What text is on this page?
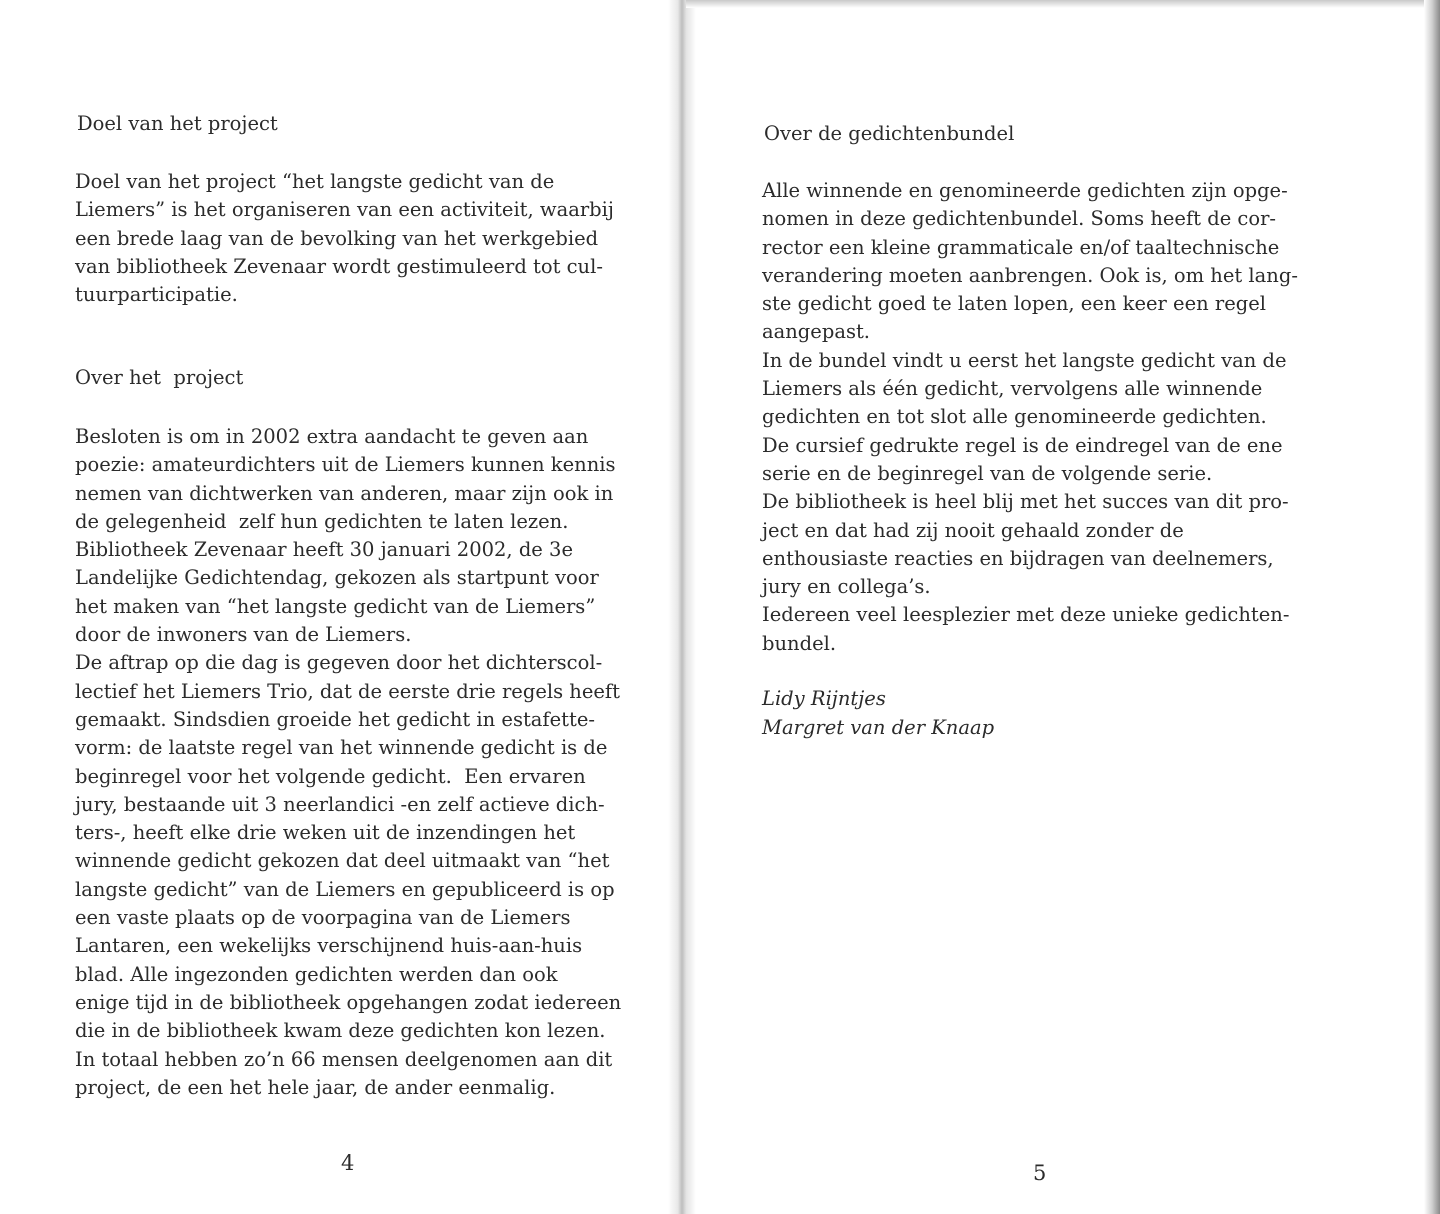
Doel van het project
Doel van het project “het langste gedicht van de
Liemers” is het organiseren van een activiteit, waarbij
een brede laag van de bevolking van het werkgebied
van bibliotheek Zevenaar wordt gestimuleerd tot cul-
tuurparticipatie.
Over het  project
Besloten is om in 2002 extra aandacht te geven aan
poezie: amateurdichters uit de Liemers kunnen kennis
nemen van dichtwerken van anderen, maar zijn ook in
de gelegenheid  zelf hun gedichten te laten lezen.
Bibliotheek Zevenaar heeft 30 januari 2002, de 3e
Landelijke Gedichtendag, gekozen als startpunt voor
het maken van “het langste gedicht van de Liemers”
door de inwoners van de Liemers.
De aftrap op die dag is gegeven door het dichterscol-
lectief het Liemers Trio, dat de eerste drie regels heeft
gemaakt. Sindsdien groeide het gedicht in estafette-
vorm: de laatste regel van het winnende gedicht is de
beginregel voor het volgende gedicht.  Een ervaren
jury, bestaande uit 3 neerlandici -en zelf actieve dich-
ters-, heeft elke drie weken uit de inzendingen het
winnende gedicht gekozen dat deel uitmaakt van “het
langste gedicht” van de Liemers en gepubliceerd is op
een vaste plaats op de voorpagina van de Liemers
Lantaren, een wekelijks verschijnend huis-aan-huis
blad. Alle ingezonden gedichten werden dan ook
enige tijd in de bibliotheek opgehangen zodat iedereen
die in de bibliotheek kwam deze gedichten kon lezen.
In totaal hebben zo’n 66 mensen deelgenomen aan dit
project, de een het hele jaar, de ander eenmalig.
4
Over de gedichtenbundel
Alle winnende en genomineerde gedichten zijn opge-
nomen in deze gedichtenbundel. Soms heeft de cor-
rector een kleine grammaticale en/of taaltechnische
verandering moeten aanbrengen. Ook is, om het lang-
ste gedicht goed te laten lopen, een keer een regel
aangepast.
In de bundel vindt u eerst het langste gedicht van de
Liemers als één gedicht, vervolgens alle winnende
gedichten en tot slot alle genomineerde gedichten.
De cursief gedrukte regel is de eindregel van de ene
serie en de beginregel van de volgende serie.
De bibliotheek is heel blij met het succes van dit pro-
ject en dat had zij nooit gehaald zonder de
enthousiaste reacties en bijdragen van deelnemers,
jury en collega’s.
Iedereen veel leesplezier met deze unieke gedichten-
bundel.
Lidy Rijntjes
Margret van der Knaap
5
